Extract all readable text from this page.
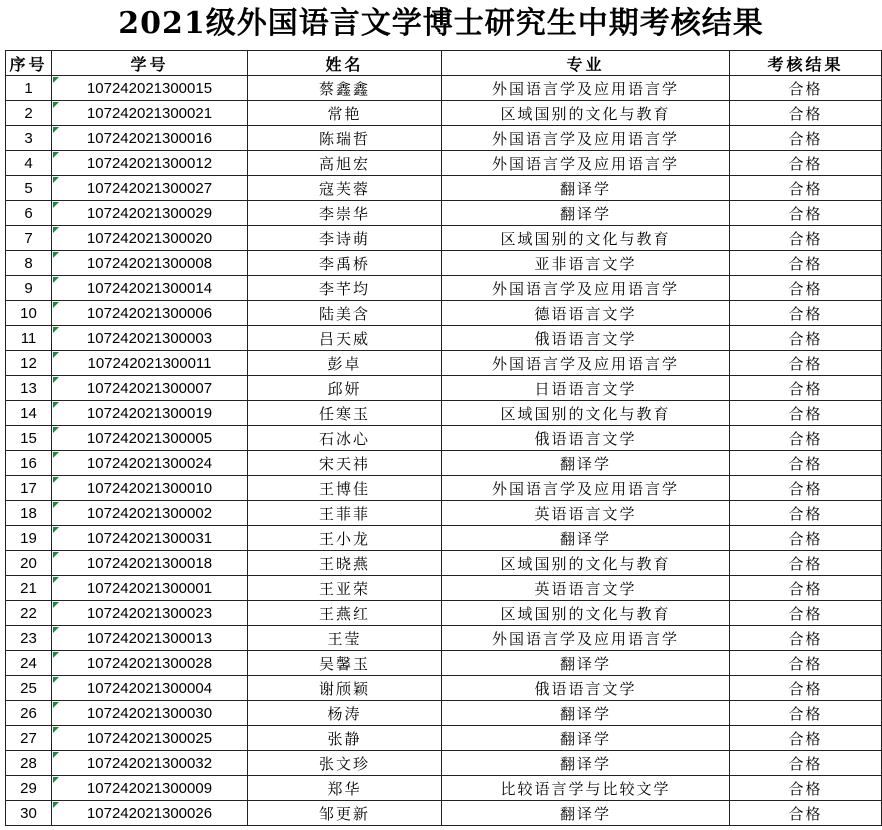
2021级外国语言文学博士研究生中期考核结果
序号	学号	姓名	专业	考核结果
1	107242021300015	蔡鑫鑫	外国语言学及应用语言学	合格
2	107242021300021	常艳	区域国别的文化与教育	合格
3	107242021300016	陈瑞哲	外国语言学及应用语言学	合格
4	107242021300012	高旭宏	外国语言学及应用语言学	合格
5	107242021300027	寇芙蓉	翻译学	合格
6	107242021300029	李崇华	翻译学	合格
7	107242021300020	李诗萌	区域国别的文化与教育	合格
8	107242021300008	李禹桥	亚非语言文学	合格
9	107242021300014	李芊均	外国语言学及应用语言学	合格
10	107242021300006	陆美含	德语语言文学	合格
11	107242021300003	吕天威	俄语语言文学	合格
12	107242021300011	彭卓	外国语言学及应用语言学	合格
13	107242021300007	邱妍	日语语言文学	合格
14	107242021300019	任寒玉	区域国别的文化与教育	合格
15	107242021300005	石冰心	俄语语言文学	合格
16	107242021300024	宋天祎	翻译学	合格
17	107242021300010	王博佳	外国语言学及应用语言学	合格
18	107242021300002	王菲菲	英语语言文学	合格
19	107242021300031	王小龙	翻译学	合格
20	107242021300018	王晓燕	区域国别的文化与教育	合格
21	107242021300001	王亚荣	英语语言文学	合格
22	107242021300023	王燕红	区域国别的文化与教育	合格
23	107242021300013	王莹	外国语言学及应用语言学	合格
24	107242021300028	吴馨玉	翻译学	合格
25	107242021300004	谢颀颖	俄语语言文学	合格
26	107242021300030	杨涛	翻译学	合格
27	107242021300025	张静	翻译学	合格
28	107242021300032	张文珍	翻译学	合格
29	107242021300009	郑华	比较语言学与比较文学	合格
30	107242021300026	邹更新	翻译学	合格
